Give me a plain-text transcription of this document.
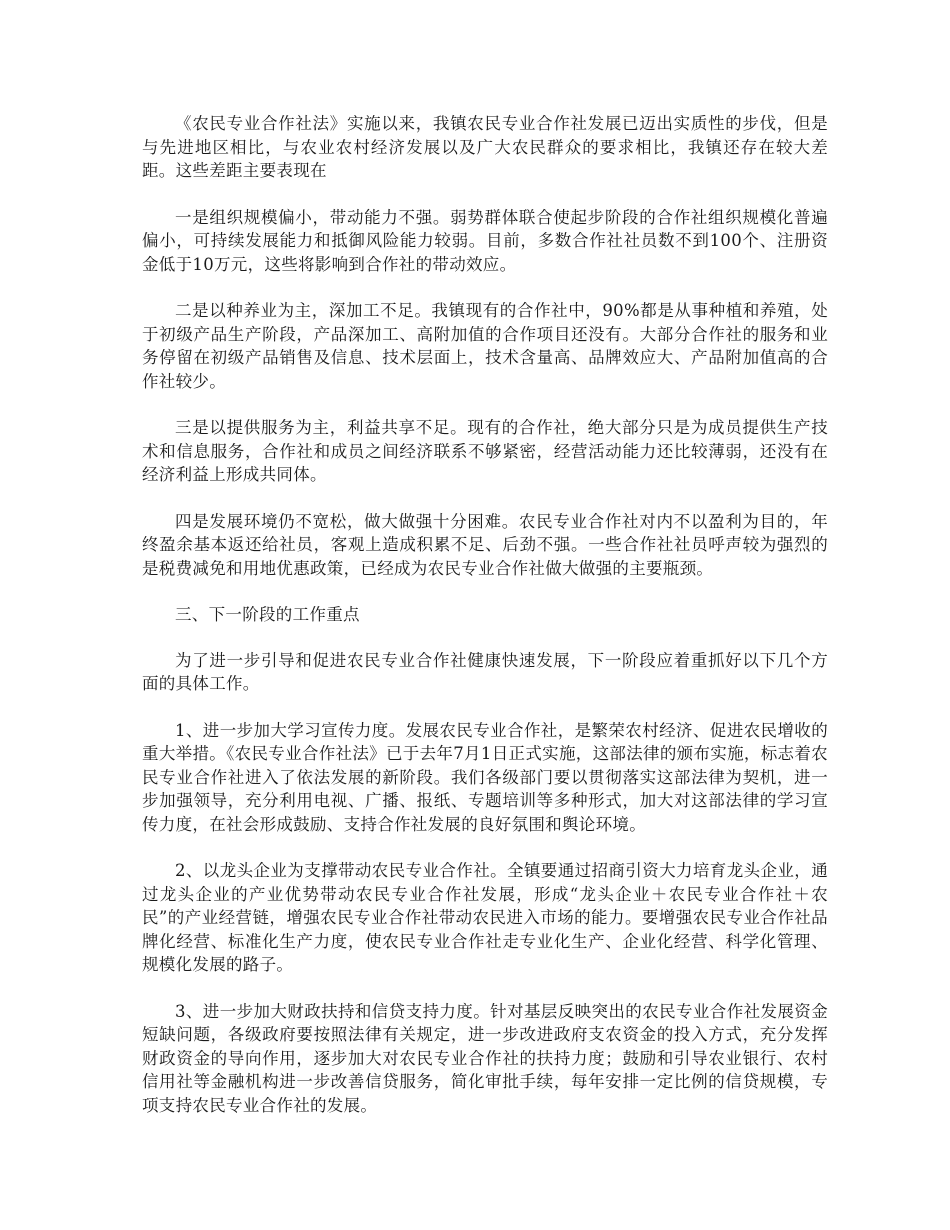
《农民专业合作社法》实施以来，我镇农民专业合作社发展已迈出实质性的步伐，但是与先进地区相比，与农业农村经济发展以及广大农民群众的要求相比，我镇还存在较大差距。这些差距主要表现在

一是组织规模偏小，带动能力不强。弱势群体联合使起步阶段的合作社组织规模化普遍偏小，可持续发展能力和抵御风险能力较弱。目前，多数合作社社员数不到100个、注册资金低于10万元，这些将影响到合作社的带动效应。

二是以种养业为主，深加工不足。我镇现有的合作社中，90%都是从事种植和养殖，处于初级产品生产阶段，产品深加工、高附加值的合作项目还没有。大部分合作社的服务和业务停留在初级产品销售及信息、技术层面上，技术含量高、品牌效应大、产品附加值高的合作社较少。

三是以提供服务为主，利益共享不足。现有的合作社，绝大部分只是为成员提供生产技术和信息服务，合作社和成员之间经济联系不够紧密，经营活动能力还比较薄弱，还没有在经济利益上形成共同体。

四是发展环境仍不宽松，做大做强十分困难。农民专业合作社对内不以盈利为目的，年终盈余基本返还给社员，客观上造成积累不足、后劲不强。一些合作社社员呼声较为强烈的是税费减免和用地优惠政策，已经成为农民专业合作社做大做强的主要瓶颈。

三、下一阶段的工作重点

为了进一步引导和促进农民专业合作社健康快速发展，下一阶段应着重抓好以下几个方面的具体工作。

1、进一步加大学习宣传力度。发展农民专业合作社，是繁荣农村经济、促进农民增收的重大举措。《农民专业合作社法》已于去年7月1日正式实施，这部法律的颁布实施，标志着农民专业合作社进入了依法发展的新阶段。我们各级部门要以贯彻落实这部法律为契机，进一步加强领导，充分利用电视、广播、报纸、专题培训等多种形式，加大对这部法律的学习宣传力度，在社会形成鼓励、支持合作社发展的良好氛围和舆论环境。

2、以龙头企业为支撑带动农民专业合作社。全镇要通过招商引资大力培育龙头企业，通过龙头企业的产业优势带动农民专业合作社发展，形成“龙头企业＋农民专业合作社＋农民”的产业经营链，增强农民专业合作社带动农民进入市场的能力。要增强农民专业合作社品牌化经营、标准化生产力度，使农民专业合作社走专业化生产、企业化经营、科学化管理、规模化发展的路子。

3、进一步加大财政扶持和信贷支持力度。针对基层反映突出的农民专业合作社发展资金短缺问题，各级政府要按照法律有关规定，进一步改进政府支农资金的投入方式，充分发挥财政资金的导向作用，逐步加大对农民专业合作社的扶持力度；鼓励和引导农业银行、农村信用社等金融机构进一步改善信贷服务，简化审批手续，每年安排一定比例的信贷规模，专项支持农民专业合作社的发展。
